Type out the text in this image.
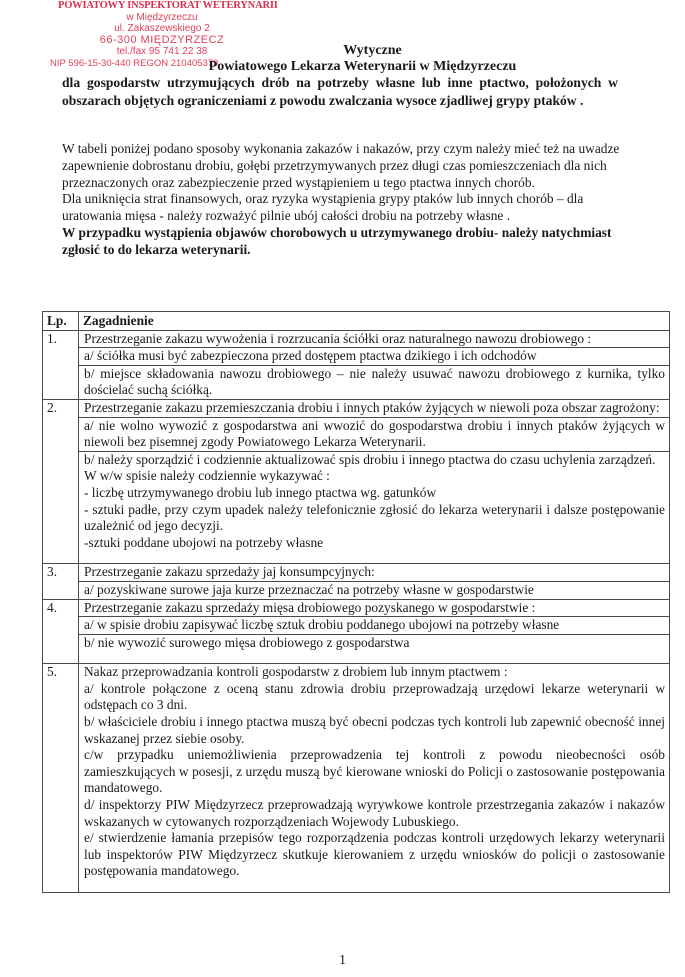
POWIATOWY INSPEKTORAT WETERYNARII
w Międzyrzeczu
ul. Zakaszewskiego 2
66-300 MIĘDZYRZECZ
tel./fax 95 741 22 38
NIP 596-15-30-440 REGON 210405379
Wytyczne
Powiatowego Lekarza Weterynarii w Międzyrzeczu
dla gospodarstw utrzymujących drób na potrzeby własne lub inne ptactwo, położonych w obszarach objętych ograniczeniami z powodu zwalczania wysoce zjadliwej grypy ptaków .

W tabeli poniżej podano sposoby wykonania zakazów i nakazów, przy czym należy mieć też na uwadze zapewnienie dobrostanu drobiu, gołębi przetrzymywanych przez długi czas pomieszczeniach dla nich przeznaczonych oraz zabezpieczenie przed wystąpieniem u tego ptactwa innych chorób.

Dla uniknięcia strat finansowych, oraz ryzyka wystąpienia grypy ptaków lub innych chorób – dla uratowania mięsa - należy rozważyć pilnie ubój całości drobiu na potrzeby własne .

W przypadku wystąpienia objawów chorobowych u utrzymywanego drobiu- należy natychmiast zgłosić to do lekarza weterynarii.

Lp.	Zagadnienie
1.	Przestrzeganie zakazu wywożenia i rozrzucania ściółki oraz naturalnego nawozu drobiowego :

	a/ ściółka musi być zabezpieczona przed dostępem ptactwa dzikiego i ich odchodów

	b/ miejsce składowania nawozu drobiowego – nie należy usuwać nawozu drobiowego z kurnika, tylko dościelać suchą ściółką.

2.	Przestrzeganie zakazu przemieszczania drobiu i innych ptaków żyjących w niewoli poza obszar zagrożony:

	a/ nie wolno wywozić z gospodarstwa ani wwozić do gospodarstwa drobiu i innych ptaków żyjących w niewoli bez pisemnej zgody Powiatowego Lekarza Weterynarii.

	b/ należy sporządzić i codziennie aktualizować spis drobiu i innego ptactwa do czasu uchylenia zarządzeń.
W w/w spisie należy codziennie wykazywać :
- liczbę utrzymywanego drobiu lub innego ptactwa wg. gatunków
- sztuki padłe, przy czym upadek należy telefonicznie zgłosić do lekarza weterynarii i dalsze postępowanie uzależnić od jego decyzji.
-sztuki poddane ubojowi na potrzeby własne

3.	Przestrzeganie zakazu sprzedaży jaj konsumpcyjnych:

	a/ pozyskiwane surowe jaja kurze przeznaczać na potrzeby własne w gospodarstwie

4.	Przestrzeganie zakazu sprzedaży mięsa drobiowego pozyskanego w gospodarstwie :

	a/ w spisie drobiu zapisywać liczbę sztuk drobiu poddanego ubojowi na potrzeby własne

	b/ nie wywozić surowego mięsa drobiowego z gospodarstwa

5.	Nakaz przeprowadzania kontroli gospodarstw z drobiem lub innym ptactwem :
a/ kontrole połączone z oceną stanu zdrowia drobiu przeprowadzają urzędowi lekarze weterynarii w odstępach co 3 dni.
b/ właściciele drobiu i innego ptactwa muszą być obecni podczas tych kontroli lub zapewnić obecność innej wskazanej przez siebie osoby.
c/w przypadku uniemożliwienia przeprowadzenia tej kontroli z powodu nieobecności osób zamieszkujących w posesji, z urzędu muszą być kierowane wnioski do Policji o zastosowanie postępowania mandatowego.
d/ inspektorzy PIW Międzyrzecz przeprowadzają wyrywkowe kontrole przestrzegania zakazów i nakazów wskazanych w cytowanych rozporządzeniach Wojewody Lubuskiego.
e/ stwierdzenie łamania przepisów tego rozporządzenia podczas kontroli urzędowych lekarzy weterynarii lub inspektorów PIW Międzyrzecz skutkuje kierowaniem z urzędu wniosków do policji o zastosowanie postępowania mandatowego.
1
